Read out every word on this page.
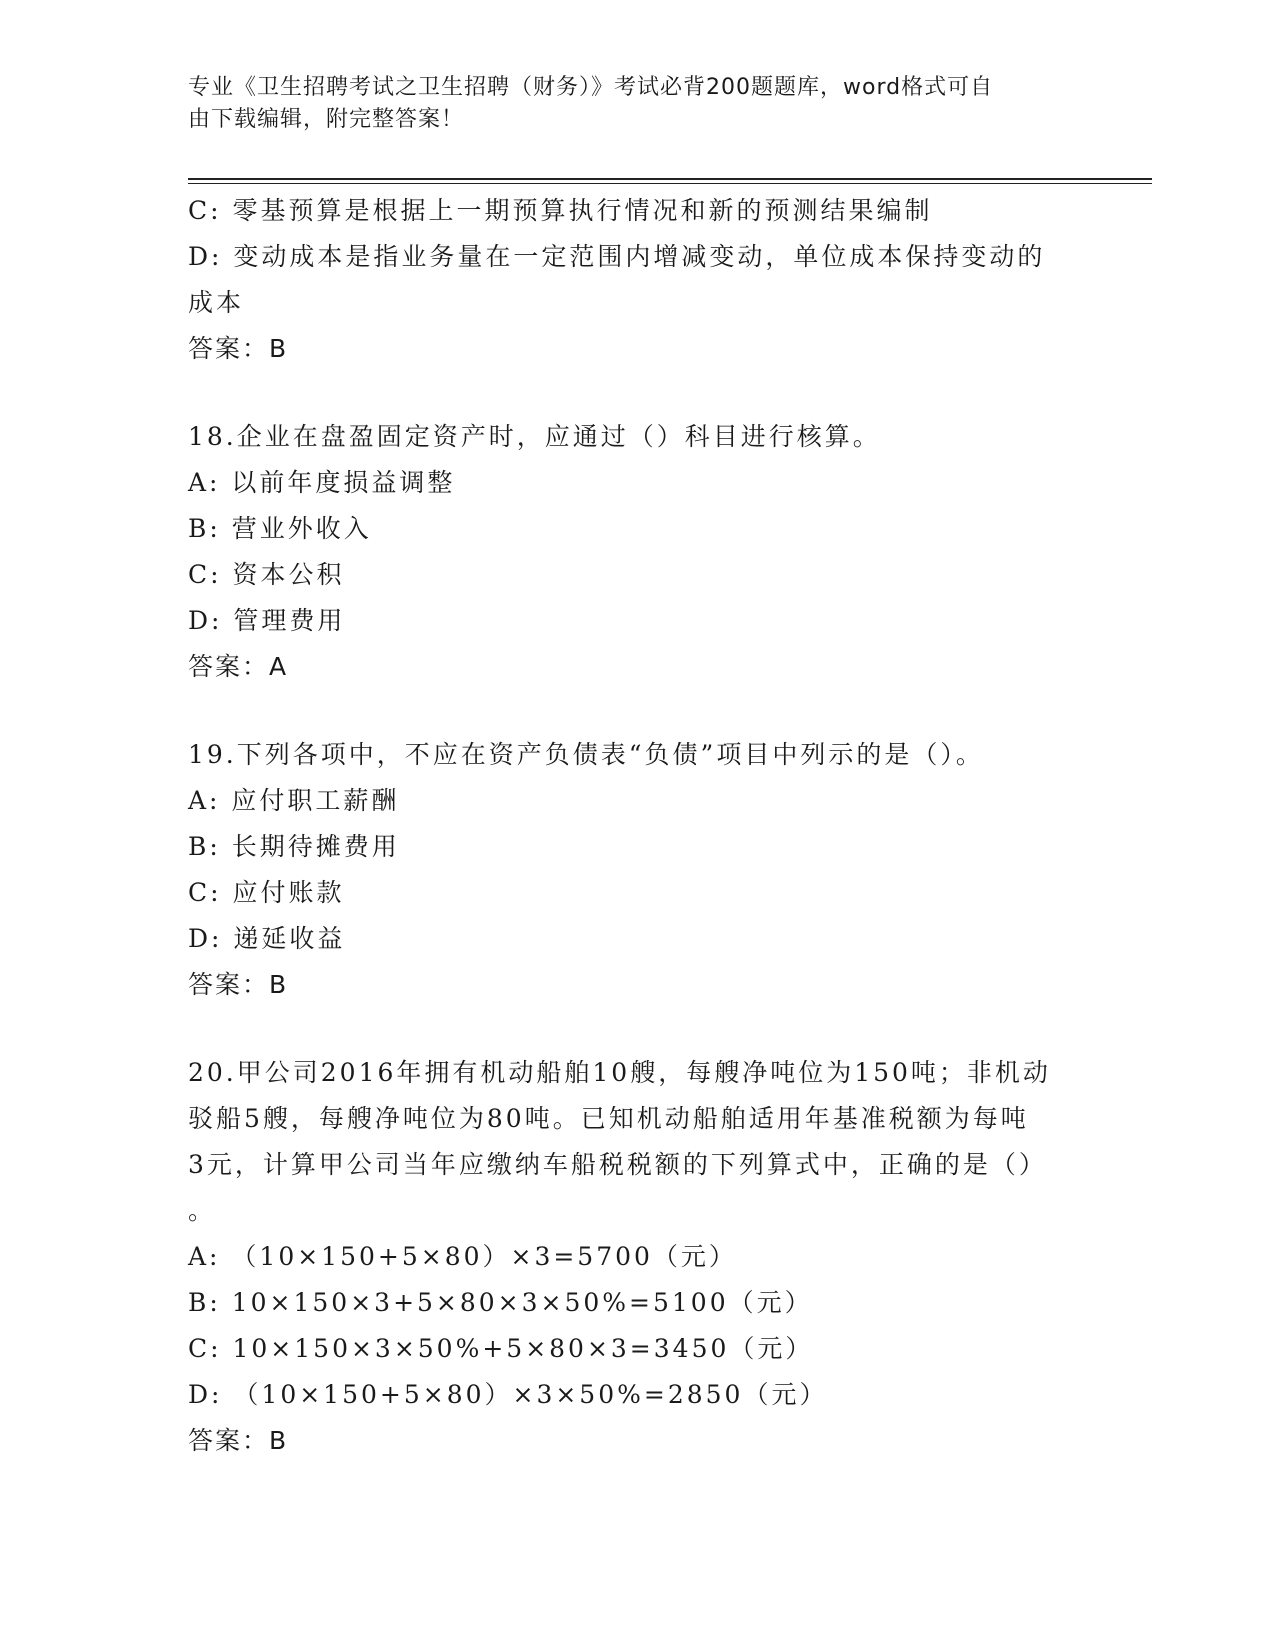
专业《卫生招聘考试之卫生招聘（财务）》考试必背200题题库，word格式可自
由下载编辑，附完整答案！
C: 零基预算是根据上一期预算执行情况和新的预测结果编制
D: 变动成本是指业务量在一定范围内增减变动，单位成本保持变动的
成本
答案：B
18.企业在盘盈固定资产时，应通过（）科目进行核算。
A: 以前年度损益调整
B: 营业外收入
C: 资本公积
D: 管理费用
答案：A
19.下列各项中，不应在资产负债表“负债”项目中列示的是（）。
A: 应付职工薪酬
B: 长期待摊费用
C: 应付账款
D: 递延收益
答案：B
20.甲公司2016年拥有机动船舶10艘，每艘净吨位为150吨；非机动
驳船5艘，每艘净吨位为80吨。已知机动船舶适用年基准税额为每吨
3元，计算甲公司当年应缴纳车船税税额的下列算式中，正确的是（）
。
A: （10×150+5×80）×3=5700（元）
B: 10×150×3+5×80×3×50%=5100（元）
C: 10×150×3×50%+5×80×3=3450（元）
D: （10×150+5×80）×3×50%=2850（元）
答案：B
